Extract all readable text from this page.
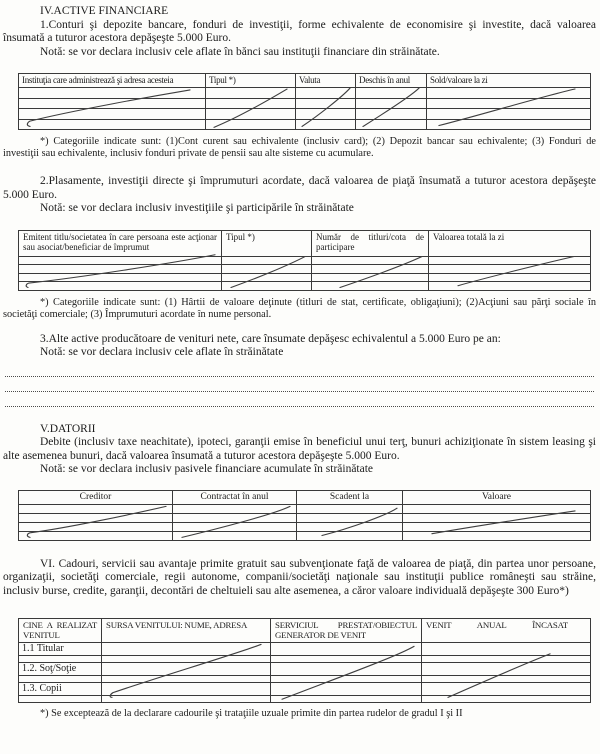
IV.ACTIVE FINANCIARE

1.Conturi şi depozite bancare, fonduri de investiţii, forme echivalente de economisire şi investite, dacă valoarea însumată a tuturor acestora depăşeşte 5.000 Euro.

Notă: se vor declara inclusiv cele aflate în bănci sau instituţii financiare din străinătate.

Instituţia care administrează şi adresa acesteia	Tipul *)	Valuta	Deschis în anul	Sold/valoare la zi

*) Categoriile indicate sunt: (1)Cont curent sau echivalente (inclusiv card); (2) Depozit bancar sau echivalente; (3) Fonduri de investiţii sau echivalente, inclusiv fonduri private de pensii sau alte sisteme cu acumulare.

2.Plasamente, investiţii directe şi împrumuturi acordate, dacă valoarea de piaţă însumată a tuturor acestora depăşeşte 5.000 Euro.

Notă: se vor declara inclusiv investiţiile şi participările în străinătate

Emitent titlu/societatea în care persoana este acţionar sau asociat/beneficiar de împrumut	Tipul *)	Număr de titluri/cota de participare	Valoarea totală la zi

*) Categoriile indicate sunt: (1) Hârtii de valoare deţinute (titluri de stat, certificate, obligaţiuni); (2)Acţiuni sau părţi sociale în societăţi comerciale; (3) Împrumuturi acordate în nume personal.

3.Alte active producătoare de venituri nete, care însumate depăşesc echivalentul a 5.000 Euro pe an:

Notă: se vor declara inclusiv cele aflate în străinătate

V.DATORII

Debite (inclusiv taxe neachitate), ipoteci, garanţii emise în beneficiul unui terţ, bunuri achiziţionate în sistem leasing şi alte asemenea bunuri, dacă valoarea însumată a tuturor acestora depăşeşte 5.000 Euro.

Notă: se vor declara inclusiv pasivele financiare acumulate în străinătate

Creditor	Contractat în anul	Scadent la	Valoare

VI. Cadouri, servicii sau avantaje primite gratuit sau subvenţionate faţă de valoarea de piaţă, din partea unor persoane, organizaţii, societăţi comerciale, regii autonome, companii/societăţi naţionale sau instituţii publice româneşti sau străine, inclusiv burse, credite, garanţii, decontări de cheltuieli sau alte asemenea, a căror valoare individuală depăşeşte 300 Euro*)

CINE A REALIZAT VENITUL	SURSA VENITULUI: NUME, ADRESA	SERVICIUL PRESTAT/OBIECTUL GENERATOR DE VENIT	VENIT ANUAL ÎNCASAT
1.1 Titular			

1.2. Soţ/Soţie			

1.3. Copii			

*) Se exceptează de la declarare cadourile şi trataţiile uzuale primite din partea rudelor de gradul I şi II
